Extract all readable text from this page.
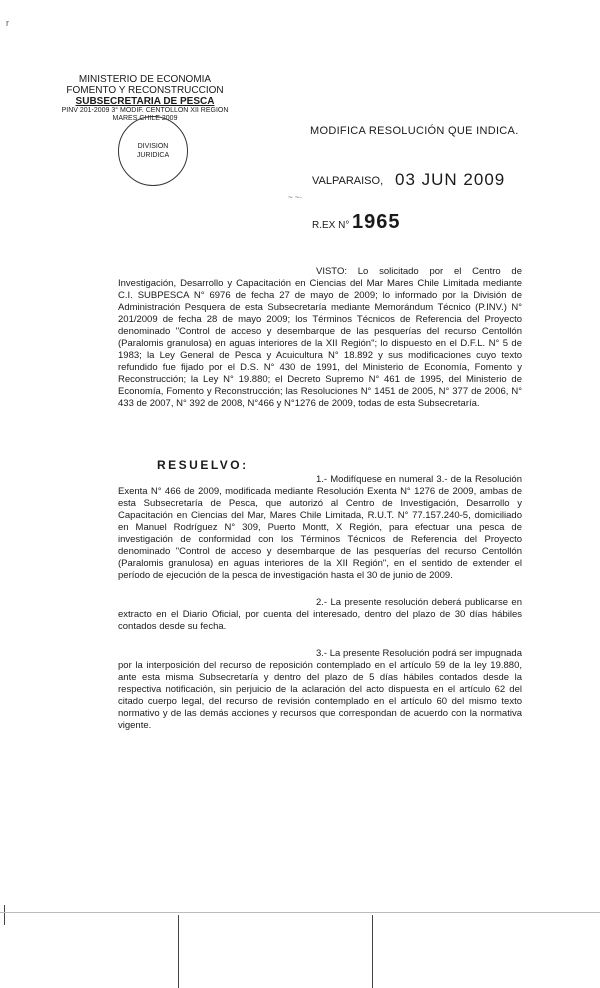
r
MINISTERIO DE ECONOMIA
FOMENTO Y RECONSTRUCCION
SUBSECRETARIA DE PESCA
PINV 201-2009 3° MODIF. CENTOLLON XII REGION
MARES CHILE 2009
DIVISION
JURIDICA
MODIFICA RESOLUCIÓN QUE INDICA.
VALPARAISO, 03 JUN 2009
~ ~·
R.EX N° 1965
VISTO: Lo solicitado por el Centro de Investigación, Desarrollo y Capacitación en Ciencias del Mar Mares Chile Limitada mediante C.I. SUBPESCA N° 6976 de fecha 27 de mayo de 2009; lo informado por la División de Administración Pesquera de esta Subsecretaría mediante Memorándum Técnico (P.INV.) N° 201/2009 de fecha 28 de mayo 2009; los Términos Técnicos de Referencia del Proyecto denominado "Control de acceso y desembarque de las pesquerías del recurso Centollón (Paralomis granulosa) en aguas interiores de la XII Región"; lo dispuesto en el D.F.L. N° 5 de 1983; la Ley General de Pesca y Acuicultura N° 18.892 y sus modificaciones cuyo texto refundido fue fijado por el D.S. N° 430 de 1991, del Ministerio de Economía, Fomento y Reconstrucción; la Ley N° 19.880; el Decreto Supremo N° 461 de 1995, del Ministerio de Economía, Fomento y Reconstrucción; las Resoluciones N° 1451 de 2005, N° 377 de 2006, N° 433 de 2007, N° 392 de 2008, N°466 y N°1276 de 2009, todas de esta Subsecretaría.
RESUELVO:
1.- Modifíquese en numeral 3.- de la Resolución Exenta N° 466 de 2009, modificada mediante Resolución Exenta N° 1276 de 2009, ambas de esta Subsecretaría de Pesca, que autorizó al Centro de Investigación, Desarrollo y Capacitación en Ciencias del Mar, Mares Chile Limitada, R.U.T. N° 77.157.240-5, domiciliado en Manuel Rodríguez N° 309, Puerto Montt, X Región, para efectuar una pesca de investigación de conformidad con los Términos Técnicos de Referencia del Proyecto denominado "Control de acceso y desembarque de las pesquerías del recurso Centollón (Paralomis granulosa) en aguas interiores de la XII Región", en el sentido de extender el período de ejecución de la pesca de investigación hasta el 30 de junio de 2009.
2.- La presente resolución deberá publicarse en extracto en el Diario Oficial, por cuenta del interesado, dentro del plazo de 30 días hábiles contados desde su fecha.
3.- La presente Resolución podrá ser impugnada por la interposición del recurso de reposición contemplado en el artículo 59 de la ley 19.880, ante esta misma Subsecretaría y dentro del plazo de 5 días hábiles contados desde la respectiva notificación, sin perjuicio de la aclaración del acto dispuesta en el artículo 62 del citado cuerpo legal, del recurso de revisión contemplado en el artículo 60 del mismo texto normativo y de las demás acciones y recursos que correspondan de acuerdo con la normativa vigente.
